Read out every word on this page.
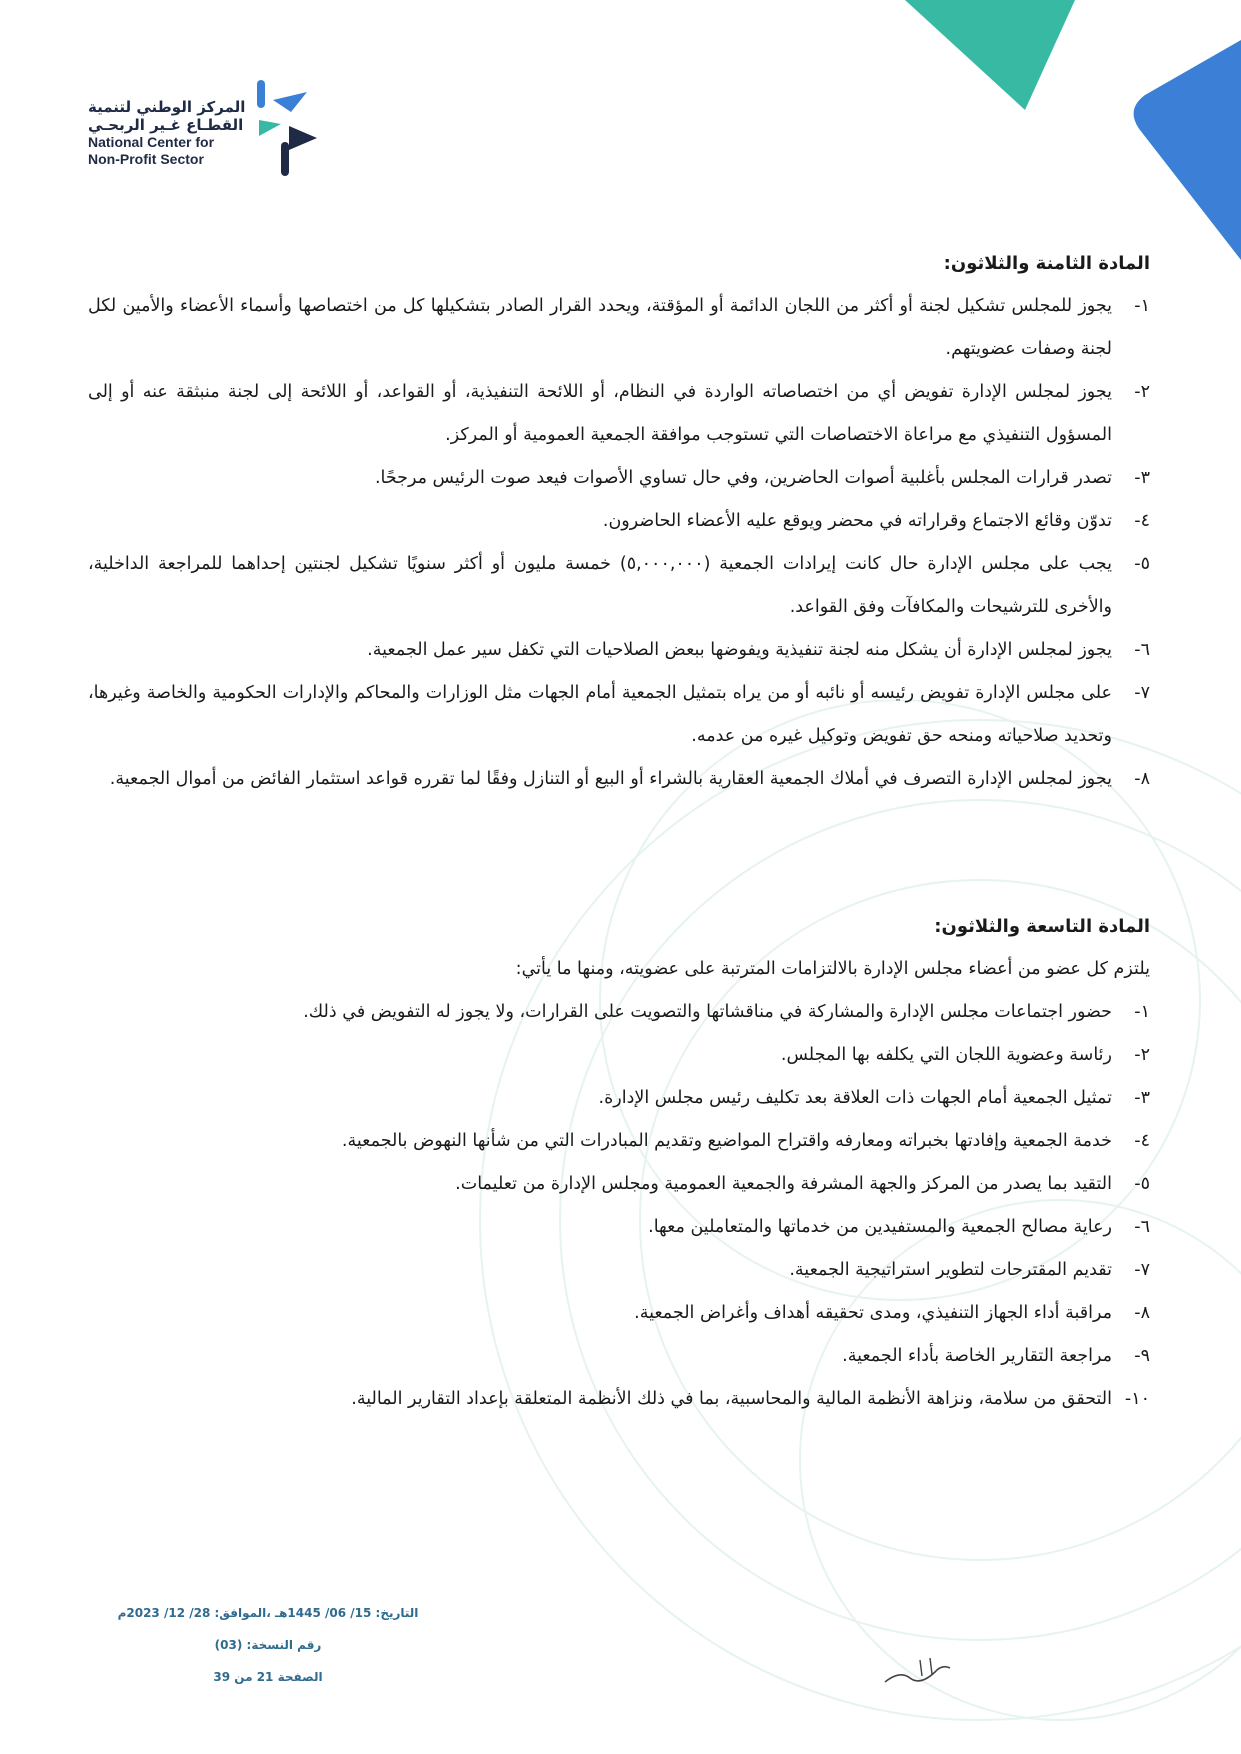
المركز الوطني لتنمية
القطـاع غـير الربحـي
National Center for
Non-Profit Sector
المادة الثامنة والثلاثون:
١-
يجوز للمجلس تشكيل لجنة أو أكثر من اللجان الدائمة أو المؤقتة، ويحدد القرار الصادر بتشكيلها كل من اختصاصها وأسماء الأعضاء والأمين لكل لجنة وصفات عضويتهم.
٢-
يجوز لمجلس الإدارة تفويض أي من اختصاصاته الواردة في النظام، أو اللائحة التنفيذية، أو القواعد، أو اللائحة إلى لجنة منبثقة عنه أو إلى المسؤول التنفيذي مع مراعاة الاختصاصات التي تستوجب موافقة الجمعية العمومية أو المركز.
٣-
تصدر قرارات المجلس بأغلبية أصوات الحاضرين، وفي حال تساوي الأصوات فيعد صوت الرئيس مرجحًا.
٤-
تدوّن وقائع الاجتماع وقراراته في محضر ويوقع عليه الأعضاء الحاضرون.
٥-
يجب على مجلس الإدارة حال كانت إيرادات الجمعية (٥,٠٠٠,٠٠٠) خمسة مليون أو أكثر سنويًا تشكيل لجنتين إحداهما للمراجعة الداخلية، والأخرى للترشيحات والمكافآت وفق القواعد.
٦-
يجوز لمجلس الإدارة أن يشكل منه لجنة تنفيذية ويفوضها ببعض الصلاحيات التي تكفل سير عمل الجمعية.
٧-
على مجلس الإدارة تفويض رئيسه أو نائبه أو من يراه بتمثيل الجمعية أمام الجهات مثل الوزارات والمحاكم والإدارات الحكومية والخاصة وغيرها، وتحديد صلاحياته ومنحه حق تفويض وتوكيل غيره من عدمه.
٨-
يجوز لمجلس الإدارة التصرف في أملاك الجمعية العقارية بالشراء أو البيع أو التنازل وفقًا لما تقرره قواعد استثمار الفائض من أموال الجمعية.
المادة التاسعة والثلاثون:
يلتزم كل عضو من أعضاء مجلس الإدارة بالالتزامات المترتبة على عضويته، ومنها ما يأتي:
١-
حضور اجتماعات مجلس الإدارة والمشاركة في مناقشاتها والتصويت على القرارات، ولا يجوز له التفويض في ذلك.
٢-
رئاسة وعضوية اللجان التي يكلفه بها المجلس.
٣-
تمثيل الجمعية أمام الجهات ذات العلاقة بعد تكليف رئيس مجلس الإدارة.
٤-
خدمة الجمعية وإفادتها بخبراته ومعارفه واقتراح المواضيع وتقديم المبادرات التي من شأنها النهوض بالجمعية.
٥-
التقيد بما يصدر من المركز والجهة المشرفة والجمعية العمومية ومجلس الإدارة من تعليمات.
٦-
رعاية مصالح الجمعية والمستفيدين من خدماتها والمتعاملين معها.
٧-
تقديم المقترحات لتطوير استراتيجية الجمعية.
٨-
مراقبة أداء الجهاز التنفيذي، ومدى تحقيقه أهداف وأغراض الجمعية.
٩-
مراجعة التقارير الخاصة بأداء الجمعية.
١٠-
التحقق من سلامة، ونزاهة الأنظمة المالية والمحاسبية، بما في ذلك الأنظمة المتعلقة بإعداد التقارير المالية.
التاريخ: 15/ 06/ 1445هـ ،الموافق: 28/ 12/ 2023م
رقم النسخة: (03)
الصفحة 21 من 39
